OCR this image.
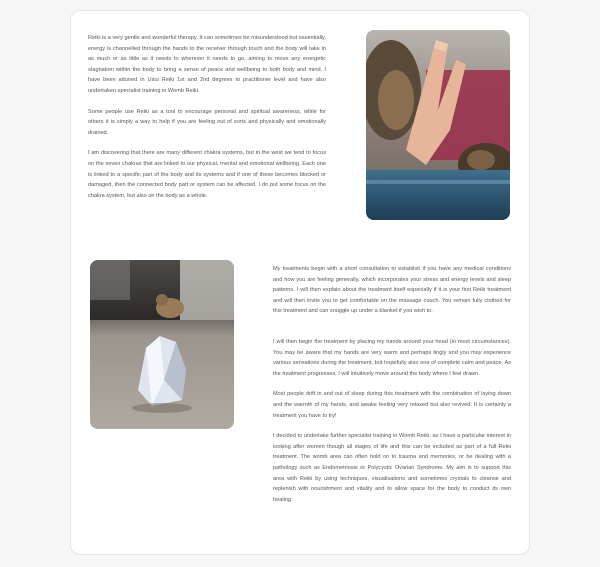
Reiki is a very gentle and wonderful therapy. It can sometimes be misunderstood but essentially, energy is channelled through the hands to the receiver through touch and the body will take in as much or as little as it needs to wherever it needs to go, aiming to move any energetic stagnation within the body to bring a sense of peace and wellbeing to both body and mind. I have been attuned in Usui Reiki 1st and 2nd degrees to practitioner level and have also undertaken specialist training in Womb Reiki.

Some people use Reiki as a tool to encourage personal and spiritual awareness, while for others it is simply a way to help if you are feeling out of sorts and physically and emotionally drained.

I am discovering that there are many different chakra systems, but in the west we tend to focus on the seven chakras that are linked to our physical, mental and emotional wellbeing. Each one is linked to a specific part of the body and its systems and if one of these becomes blocked or damaged, then the connected body part or system can be affected. I do put some focus on the chakra system, but also on the body as a whole.

My treatments begin with a short consultation to establish if you have any medical conditions and how you are feeling generally, which incorporates your stress and energy levels and sleep patterns. I will then explain about the treatment itself especially if it is your first Reiki treatment and will then invite you to get comfortable on the massage couch. You remain fully clothed for this treatment and can snuggle up under a blanket if you wish to.

I will then begin the treatment by placing my hands around your head (in most circumstances). You may be aware that my hands are very warm and perhaps tingly and you may experience various sensations during the treatment, but hopefully also one of complete calm and peace. As the treatment progresses, I will intuitively move around the body where I feel drawn.

Most people drift in and out of sleep during this treatment with the combination of laying down and the warmth of my hands, and awake feeling very relaxed but also revived. It is certainly a treatment you have to try!

I decided to undertake further specialist training in Womb Reiki, as I have a particular interest in looking after women though all stages of life and this can be included as part of a full Reiki treatment. The womb area can often hold on to trauma and memories, or be dealing with a pathology such as Endometriosis or Polycystic Ovarian Syndrome. My aim is to support this area with Reiki by using techniques, visualisations and sometimes crystals to cleanse and replenish with nourishment and vitality and to allow space for the body to conduct its own healing.
